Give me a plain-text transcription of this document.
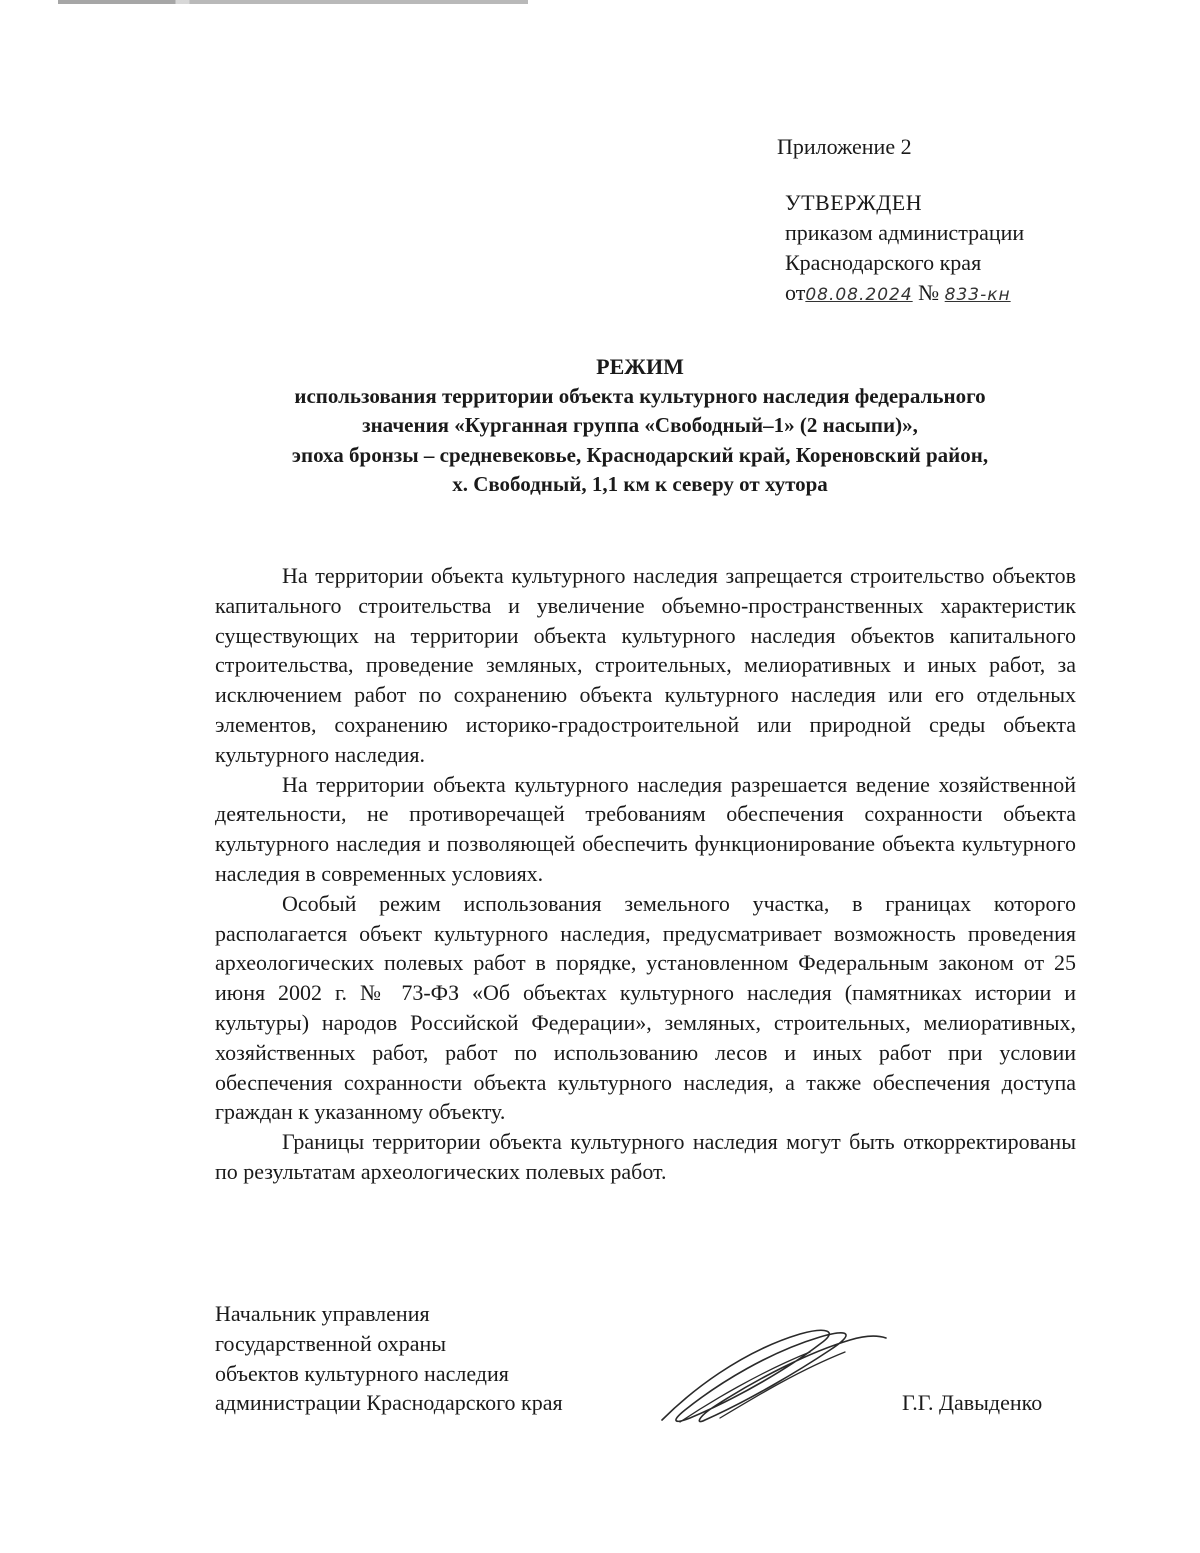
Приложение 2
УТВЕРЖДЕН
приказом администрации
Краснодарского края
от08.08.2024 № 833-кн
РЕЖИМ
использования территории объекта культурного наследия федерального
значения «Курганная группа «Свободный–1» (2 насыпи)»,
эпоха бронзы – средневековье, Краснодарский край, Кореновский район,
х. Свободный, 1,1 км к северу от хутора

На территории объекта культурного наследия запрещается строительство объектов капитального строительства и увеличение объемно-пространственных характеристик существующих на территории объекта культурного наследия объектов капитального строительства, проведение земляных, строительных, мелиоративных и иных работ, за исключением работ по сохранению объекта культурного наследия или его отдельных элементов, сохранению историко-градостроительной или природной среды объекта культурного наследия.

На территории объекта культурного наследия разрешается ведение хозяйственной деятельности, не противоречащей требованиям обеспечения сохранности объекта культурного наследия и позволяющей обеспечить функционирование объекта культурного наследия в современных условиях.

Особый режим использования земельного участка, в границах которого располагается объект культурного наследия, предусматривает возможность проведения археологических полевых работ в порядке, установленном Федеральным законом от 25 июня 2002 г. № 73-ФЗ «Об объектах культурного наследия (памятниках истории и культуры) народов Российской Федерации», земляных, строительных, мелиоративных, хозяйственных работ, работ по использованию лесов и иных работ при условии обеспечения сохранности объекта культурного наследия, а также обеспечения доступа граждан к указанному объекту.

Границы территории объекта культурного наследия могут быть откорректированы по результатам археологических полевых работ.

Начальник управления
государственной охраны
объектов культурного наследия
администрации Краснодарского края	Г.Г. Давыденко
